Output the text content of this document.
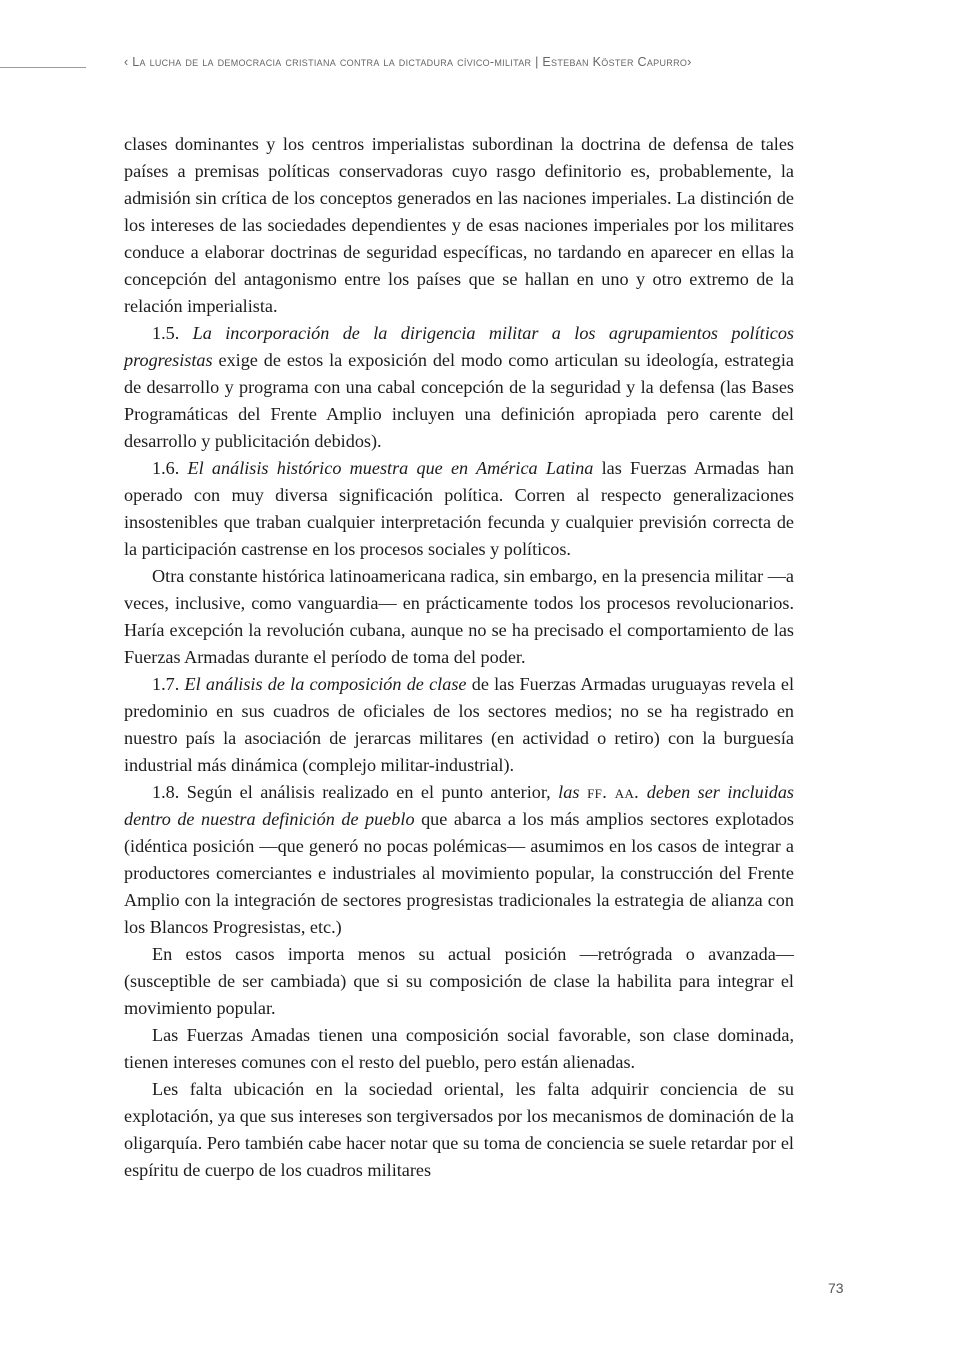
‹ La lucha de la democracia cristiana contra la dictadura cívico-militar | Esteban Köster Capurro›

clases dominantes y los centros imperialistas subordinan la doctrina de defensa de tales países a premisas políticas conservadoras cuyo rasgo definitorio es, probablemente, la admisión sin crítica de los conceptos generados en las naciones imperiales. La distinción de los intereses de las sociedades dependientes y de esas naciones imperiales por los militares conduce a elaborar doctrinas de seguridad específicas, no tardando en aparecer en ellas la concepción del antagonismo entre los países que se hallan en uno y otro extremo de la relación imperialista.

1.5. La incorporación de la dirigencia militar a los agrupamientos políticos progresistas exige de estos la exposición del modo como articulan su ideología, estrategia de desarrollo y programa con una cabal concepción de la seguridad y la defensa (las Bases Programáticas del Frente Amplio incluyen una definición apropiada pero carente del desarrollo y publicitación debidos).

1.6. El análisis histórico muestra que en América Latina las Fuerzas Armadas han operado con muy diversa significación política. Corren al respecto generalizaciones insostenibles que traban cualquier interpretación fecunda y cualquier previsión correcta de la participación castrense en los procesos sociales y políticos.

Otra constante histórica latinoamericana radica, sin embargo, en la presencia militar —a veces, inclusive, como vanguardia— en prácticamente todos los procesos revolucionarios. Haría excepción la revolución cubana, aunque no se ha precisado el comportamiento de las Fuerzas Armadas durante el período de toma del poder.

1.7. El análisis de la composición de clase de las Fuerzas Armadas uruguayas revela el predominio en sus cuadros de oficiales de los sectores medios; no se ha registrado en nuestro país la asociación de jerarcas militares (en actividad o retiro) con la burguesía industrial más dinámica (complejo militar-industrial).

1.8. Según el análisis realizado en el punto anterior, las ff. aa. deben ser incluidas dentro de nuestra definición de pueblo que abarca a los más amplios sectores explotados (idéntica posición —que generó no pocas polémicas— asumimos en los casos de integrar a productores comerciantes e industriales al movimiento popular, la construcción del Frente Amplio con la integración de sectores progresistas tradicionales la estrategia de alianza con los Blancos Progresistas, etc.)

En estos casos importa menos su actual posición —retrógrada o avanzada— (susceptible de ser cambiada) que si su composición de clase la habilita para integrar el movimiento popular.

Las Fuerzas Amadas tienen una composición social favorable, son clase dominada, tienen intereses comunes con el resto del pueblo, pero están alienadas.

Les falta ubicación en la sociedad oriental, les falta adquirir conciencia de su explotación, ya que sus intereses son tergiversados por los mecanismos de dominación de la oligarquía. Pero también cabe hacer notar que su toma de conciencia se suele retardar por el espíritu de cuerpo de los cuadros militares

73
